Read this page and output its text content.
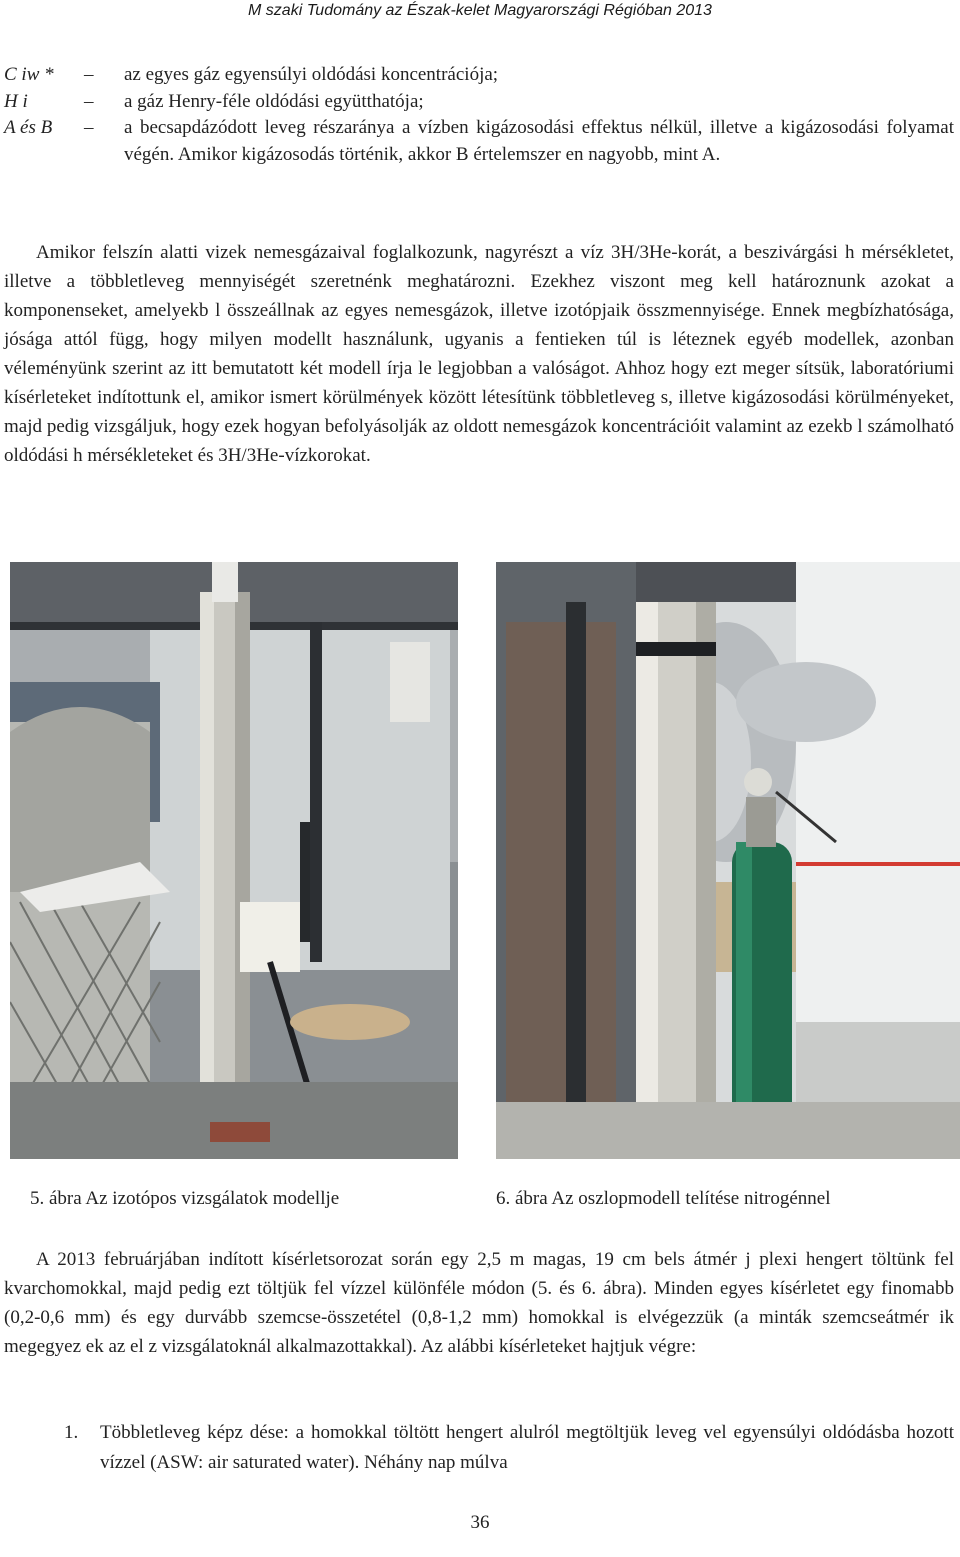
M szaki Tudomány az Észak-kelet Magyarországi Régióban 2013
C iw *	–	az egyes gáz egyensúlyi oldódási koncentrációja;
H i	–	a gáz Henry-féle oldódási együtthatója;
A és B	–	a becsapdázódott leveg részaránya a vízben kigázosodási effektus nélkül, illetve a kigázosodási folyamat végén. Amikor kigázosodás történik, akkor B értelemszer en nagyobb, mint A.
Amikor felszín alatti vizek nemesgázaival foglalkozunk, nagyrészt a víz 3H/3He-korát, a beszivárgási h mérsékletet, illetve a többletleveg mennyiségét szeretnénk meghatározni. Ezekhez viszont meg kell határoznunk azokat a komponenseket, amelyekb l összeállnak az egyes nemesgázok, illetve izotópjaik összmennyisége. Ennek megbízhatósága, jósága attól függ, hogy milyen modellt használunk, ugyanis a fentieken túl is léteznek egyéb modellek, azonban véleményünk szerint az itt bemutatott két modell írja le legjobban a valóságot. Ahhoz hogy ezt meger sítsük, laboratóriumi kísérleteket indítottunk el, amikor ismert körülmények között létesítünk többletleveg s, illetve kigázosodási körülményeket, majd pedig vizsgáljuk, hogy ezek hogyan befolyásolják az oldott nemesgázok koncentrációit valamint az ezekb l számolható oldódási h mérsékleteket és 3H/3He-vízkorokat.
5. ábra Az izotópos vizsgálatok modellje	6. ábra Az oszlopmodell telítése nitrogénnel
A 2013 februárjában indított kísérletsorozat során egy 2,5 m magas, 19 cm bels átmér j plexi hengert töltünk fel kvarchomokkal, majd pedig ezt töltjük fel vízzel különféle módon (5. és 6. ábra). Minden egyes kísérletet egy finomabb (0,2-0,6 mm) és egy durvább szemcse-összetétel (0,8-1,2 mm) homokkal is elvégezzük (a minták szemcseátmér ik megegyez ek az el z vizsgálatoknál alkalmazottakkal). Az alábbi kísérleteket hajtjuk végre:
1.	Többletleveg képz dése: a homokkal töltött hengert alulról megtöltjük leveg vel egyensúlyi oldódásba hozott vízzel (ASW: air saturated water). Néhány nap múlva
36
